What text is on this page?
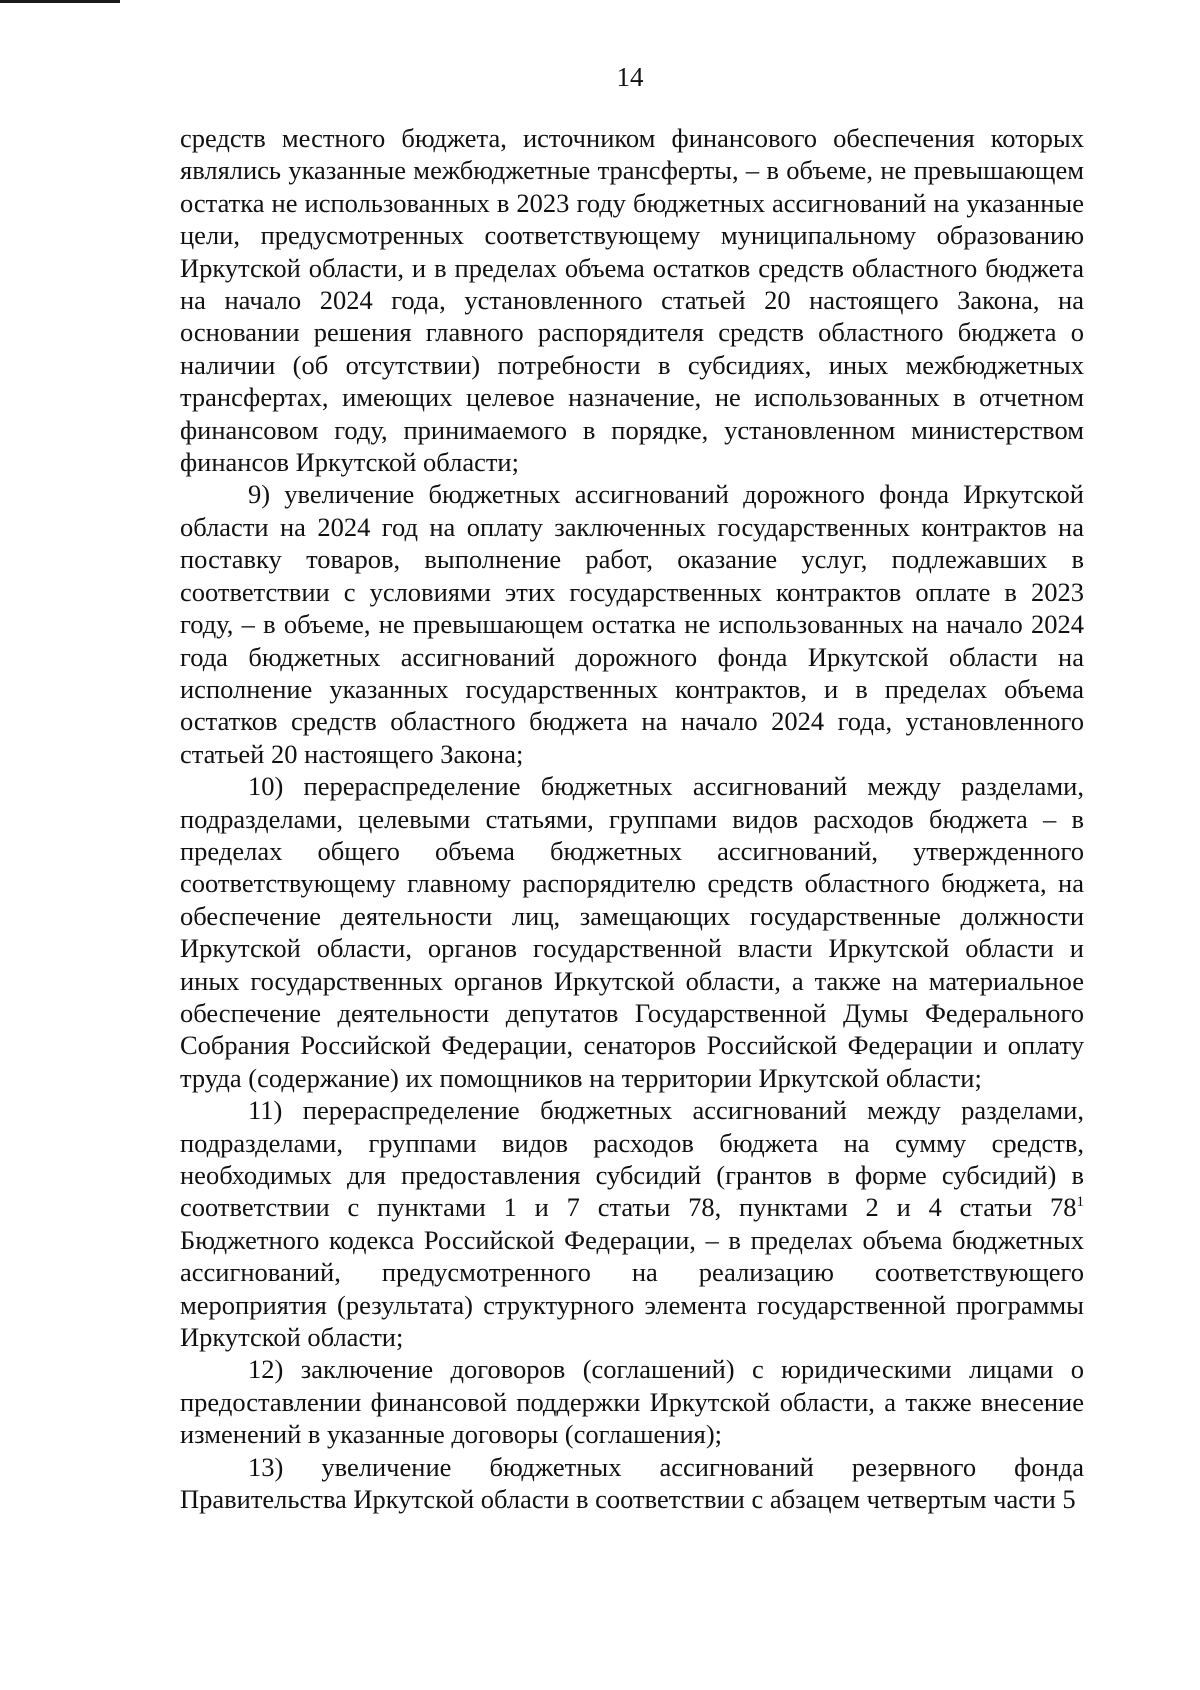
14

средств местного бюджета, источником финансового обеспечения которых являлись указанные межбюджетные трансферты, – в объеме, не превышающем остатка не использованных в 2023 году бюджетных ассигнований на указанные цели, предусмотренных соответствующему муниципальному образованию Иркутской области, и в пределах объема остатков средств областного бюджета на начало 2024 года, установленного статьей 20 настоящего Закона, на основании решения главного распорядителя средств областного бюджета о наличии (об отсутствии) потребности в субсидиях, иных межбюджетных трансфертах, имеющих целевое назначение, не использованных в отчетном финансовом году, принимаемого в порядке, установленном министерством финансов Иркутской области;

9) увеличение бюджетных ассигнований дорожного фонда Иркутской области на 2024 год на оплату заключенных государственных контрактов на поставку товаров, выполнение работ, оказание услуг, подлежавших в соответствии с условиями этих государственных контрактов оплате в 2023 году, – в объеме, не превышающем остатка не использованных на начало 2024 года бюджетных ассигнований дорожного фонда Иркутской области на исполнение указанных государственных контрактов, и в пределах объема остатков средств областного бюджета на начало 2024 года, установленного статьей 20 настоящего Закона;

10) перераспределение бюджетных ассигнований между разделами, подразделами, целевыми статьями, группами видов расходов бюджета – в пределах общего объема бюджетных ассигнований, утвержденного соответствующему главному распорядителю средств областного бюджета, на обеспечение деятельности лиц, замещающих государственные должности Иркутской области, органов государственной власти Иркутской области и иных государственных органов Иркутской области, а также на материальное обеспечение деятельности депутатов Государственной Думы Федерального Собрания Российской Федерации, сенаторов Российской Федерации и оплату труда (содержание) их помощников на территории Иркутской области;

11) перераспределение бюджетных ассигнований между разделами, подразделами, группами видов расходов бюджета на сумму средств, необходимых для предоставления субсидий (грантов в форме субсидий) в соответствии с пунктами 1 и 7 статьи 78, пунктами 2 и 4 статьи $78^1$ Бюджетного кодекса Российской Федерации, – в пределах объема бюджетных ассигнований, предусмотренного на реализацию соответствующего мероприятия (результата) структурного элемента государственной программы Иркутской области;

12) заключение договоров (соглашений) с юридическими лицами о предоставлении финансовой поддержки Иркутской области, а также внесение изменений в указанные договоры (соглашения);

13) увеличение бюджетных ассигнований резервного фонда Правительства Иркутской области в соответствии с абзацем четвертым части 5
